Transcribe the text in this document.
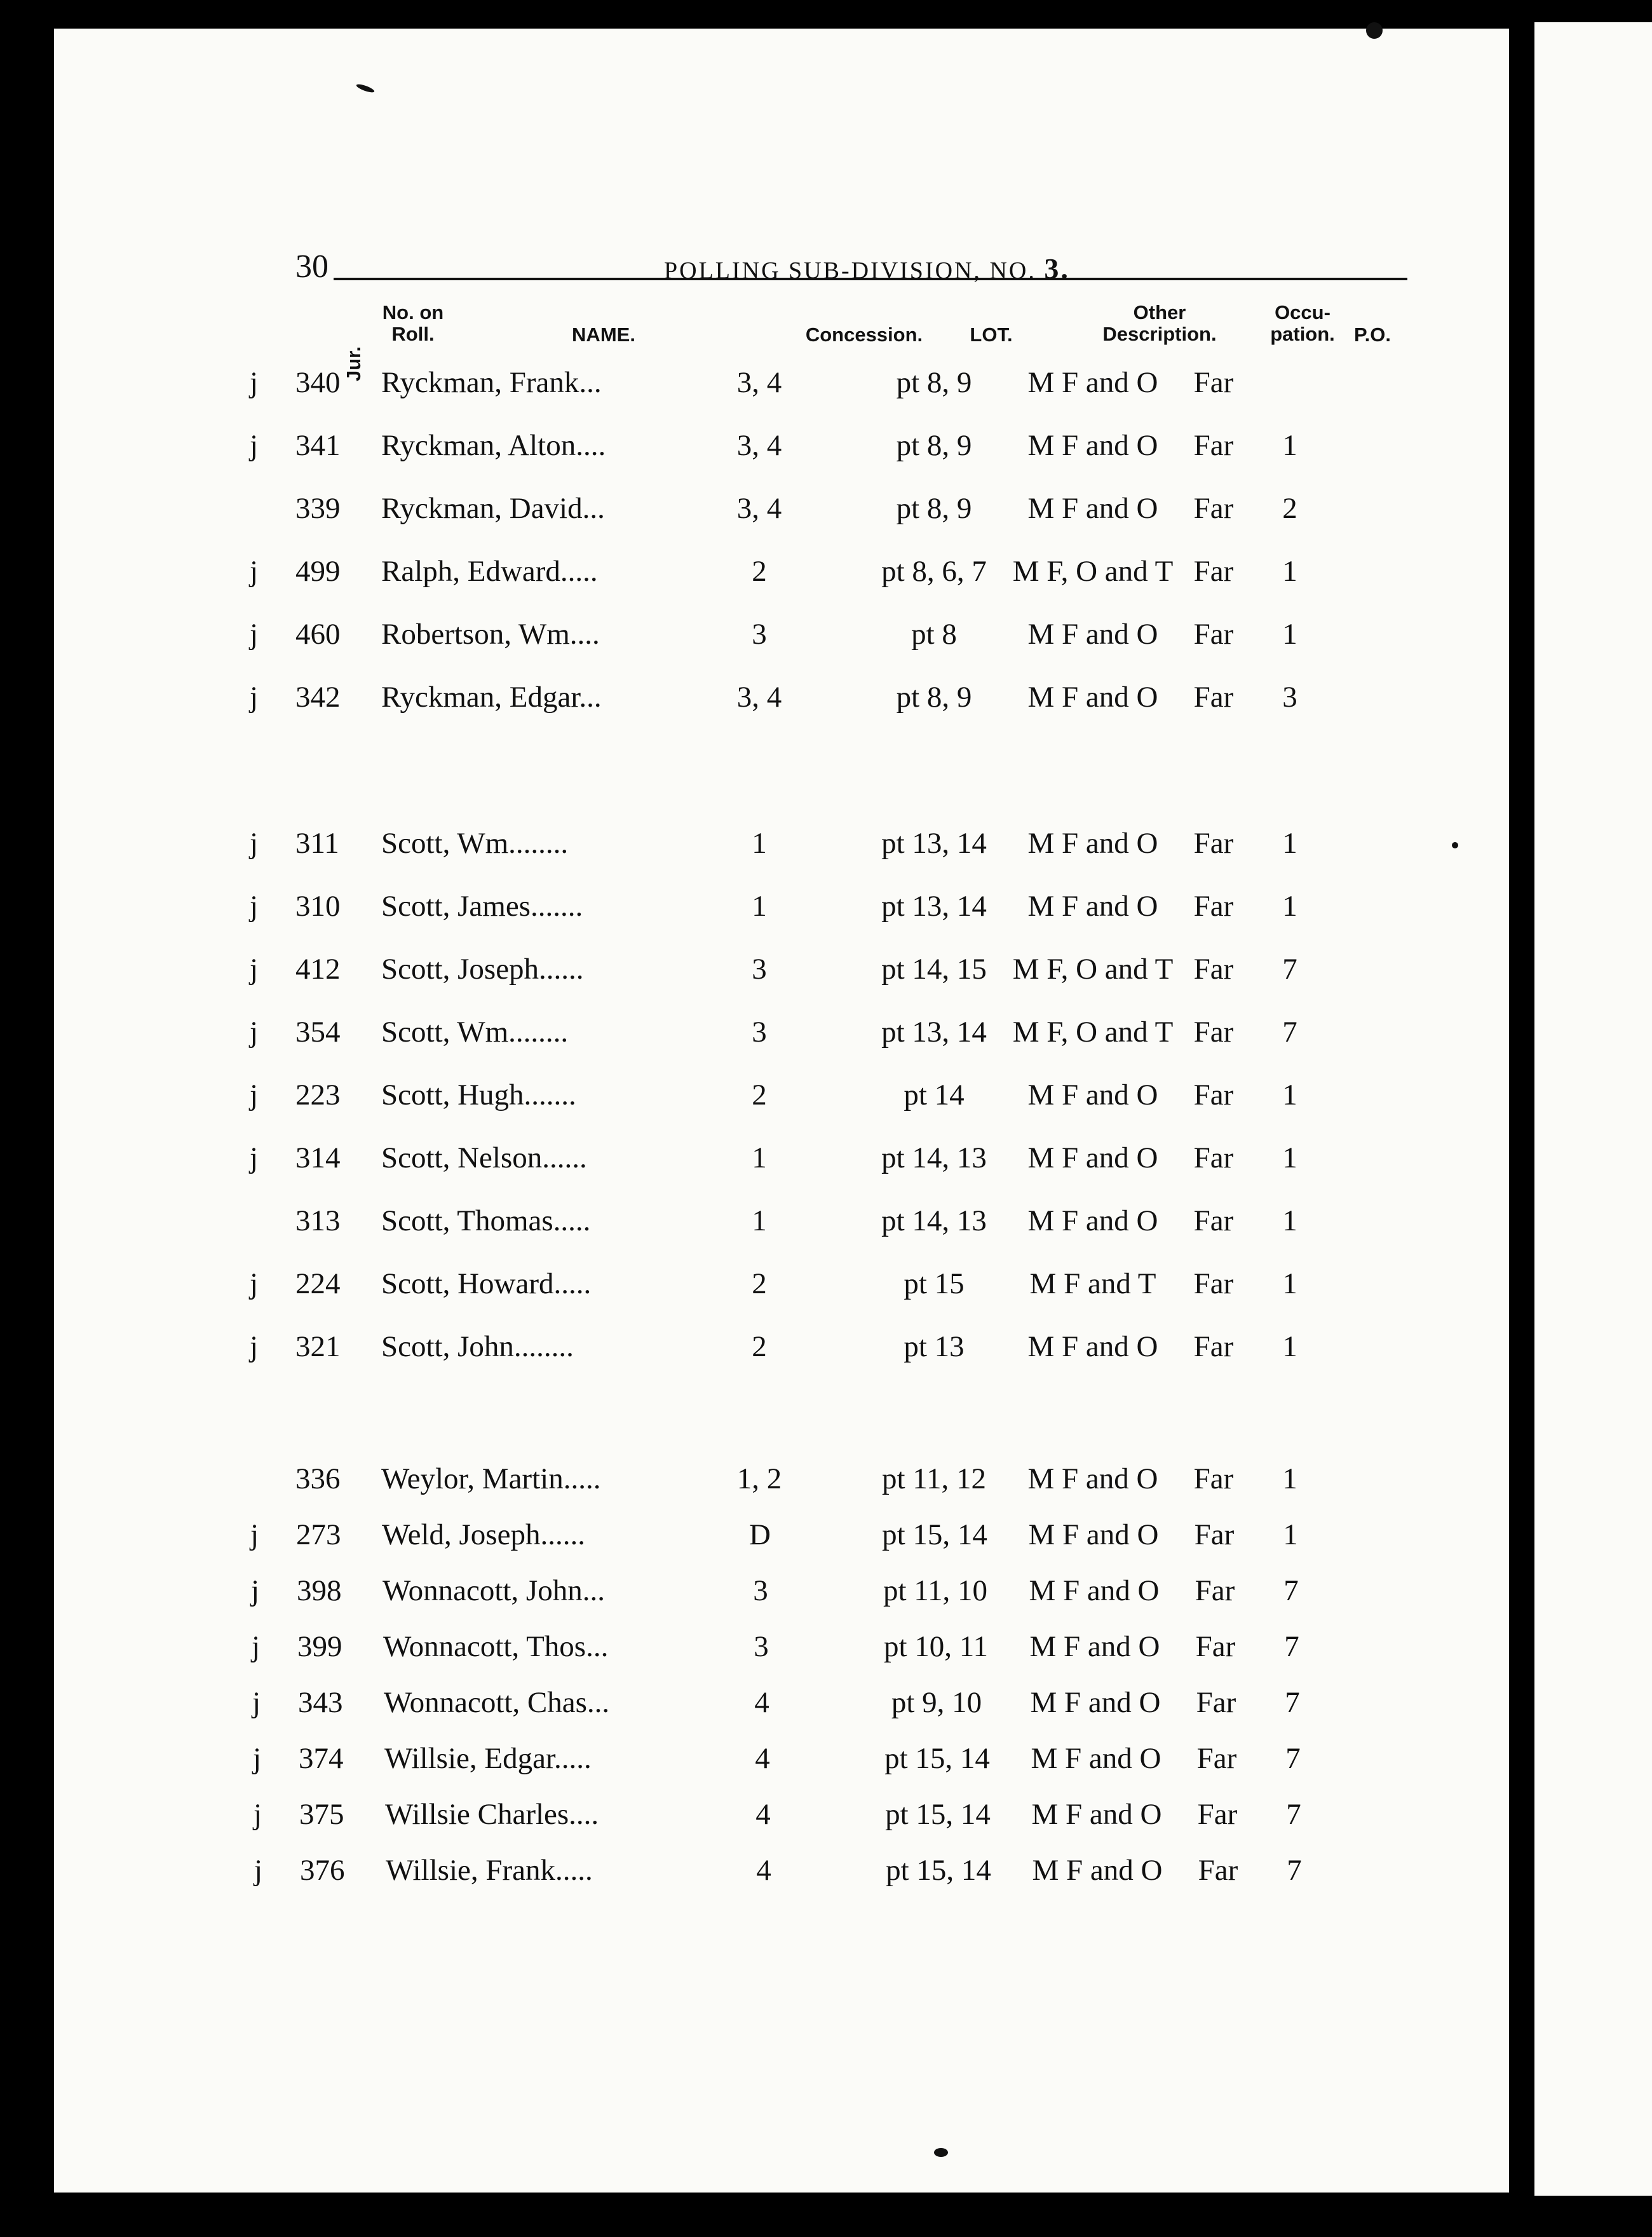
30	POLLING SUB-DIVISION, NO. 3.
Jur.
No. on
Roll.	NAME.	Concession.	LOT.
Other
Description.
Occu-
pation. P.O.
j 340 Ryckman, Frank...	3, 4	pt 8, 9	M F and O	Far
j 341 Ryckman, Alton....	3, 4	pt 8, 9	M F and O	Far	1
339 Ryckman, David...	3, 4	pt 8, 9	M F and O	Far	2
j 499 Ralph, Edward.....	2	pt 8, 6, 7 M F, O and T Far	1
j 460 Robertson, Wm....	3	pt 8	M F and O	Far	1
j 342 Ryckman, Edgar...	3, 4	pt 8, 9	M F and O	Far	3
j 311 Scott, Wm........	1	pt 13, 14	M F and O	Far	1
j 310 Scott, James.......	1	pt 13, 14	M F and O	Far	1
j 412 Scott, Joseph......	3	pt 14, 15 M F, O and T Far	7
j 354 Scott, Wm........	3	pt 13, 14 M F, O and T Far	7
j 223 Scott, Hugh.......	2	pt 14	M F and O	Far	1
j 314 Scott, Nelson......	1	pt 14, 13	M F and O	Far	1
313 Scott, Thomas.....	1	pt 14, 13	M F and O	Far	1
j 224 Scott, Howard.....	2	pt 15	M F and T	Far	1
j 321 Scott, John........	2	pt 13	M F and O	Far	1
336 Weylor, Martin.....	1, 2	pt 11, 12	M F and O	Far	1
j 273 Weld, Joseph......	D	pt 15, 14	M F and O	Far	1
j 398 Wonnacott, John...	3	pt 11, 10	M F and O	Far	7
j 399 Wonnacott, Thos...	3	pt 10, 11	M F and O	Far	7
j 343 Wonnacott, Chas...	4	pt 9, 10	M F and O	Far	7
j 374 Willsie, Edgar.....	4	pt 15, 14	M F and O	Far	7
j 375 Willsie Charles....	4	pt 15, 14	M F and O	Far	7
j 376 Willsie, Frank.....	4	pt 15, 14	M F and O	Far	7
